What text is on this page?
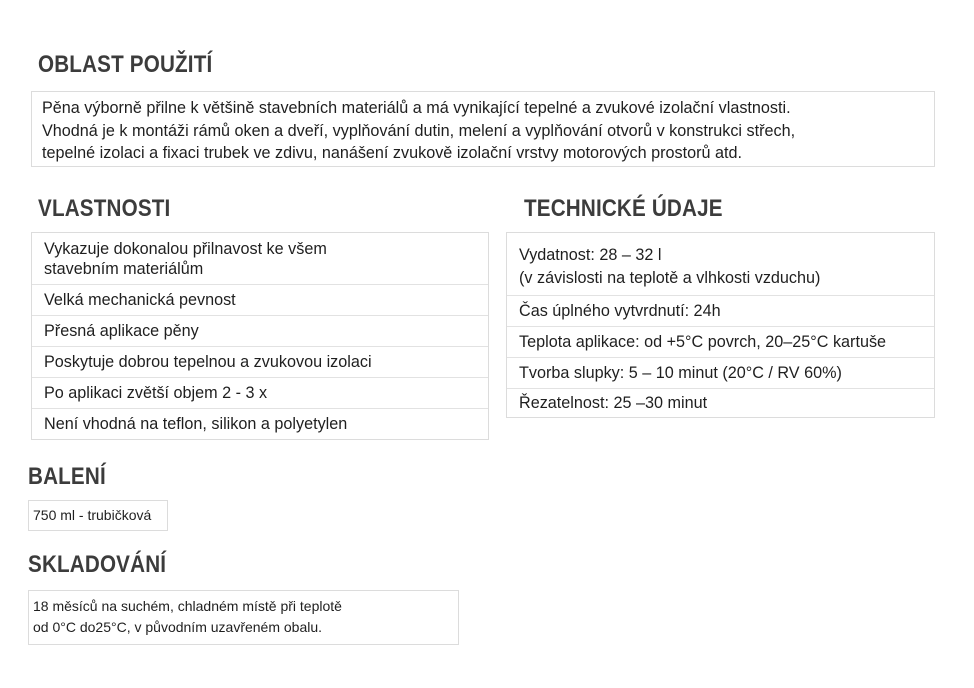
OBLAST POUŽITÍ
Pěna výborně přilne k většině stavebních materiálů a má vynikající tepelné a zvukové izolační vlastnosti.
Vhodná je k montáži rámů oken a dveří, vyplňování dutin, melení a vyplňování otvorů v konstrukci střech,
tepelné izolaci a fixaci trubek ve zdivu, nanášení zvukově izolační vrstvy motorových prostorů atd.
VLASTNOSTI
Vykazuje dokonalou přilnavost ke všem
stavebním materiálům
Velká mechanická pevnost
Přesná aplikace pěny
Poskytuje dobrou tepelnou a zvukovou izolaci
Po aplikaci zvětší objem 2 - 3 x
Není vhodná na teflon, silikon a polyetylen
TECHNICKÉ ÚDAJE
Vydatnost: 28 – 32 l
(v závislosti na teplotě a vlhkosti vzduchu)
Čas úplného vytvrdnutí: 24h
Teplota aplikace: od +5°C povrch, 20–25°C kartuše
Tvorba slupky: 5 – 10 minut (20°C / RV 60%)
Řezatelnost: 25 –30 minut
BALENÍ
750 ml - trubičková
SKLADOVÁNÍ
18 měsíců na suchém, chladném místě při teplotě
od 0°C do25°C, v původním uzavřeném obalu.
